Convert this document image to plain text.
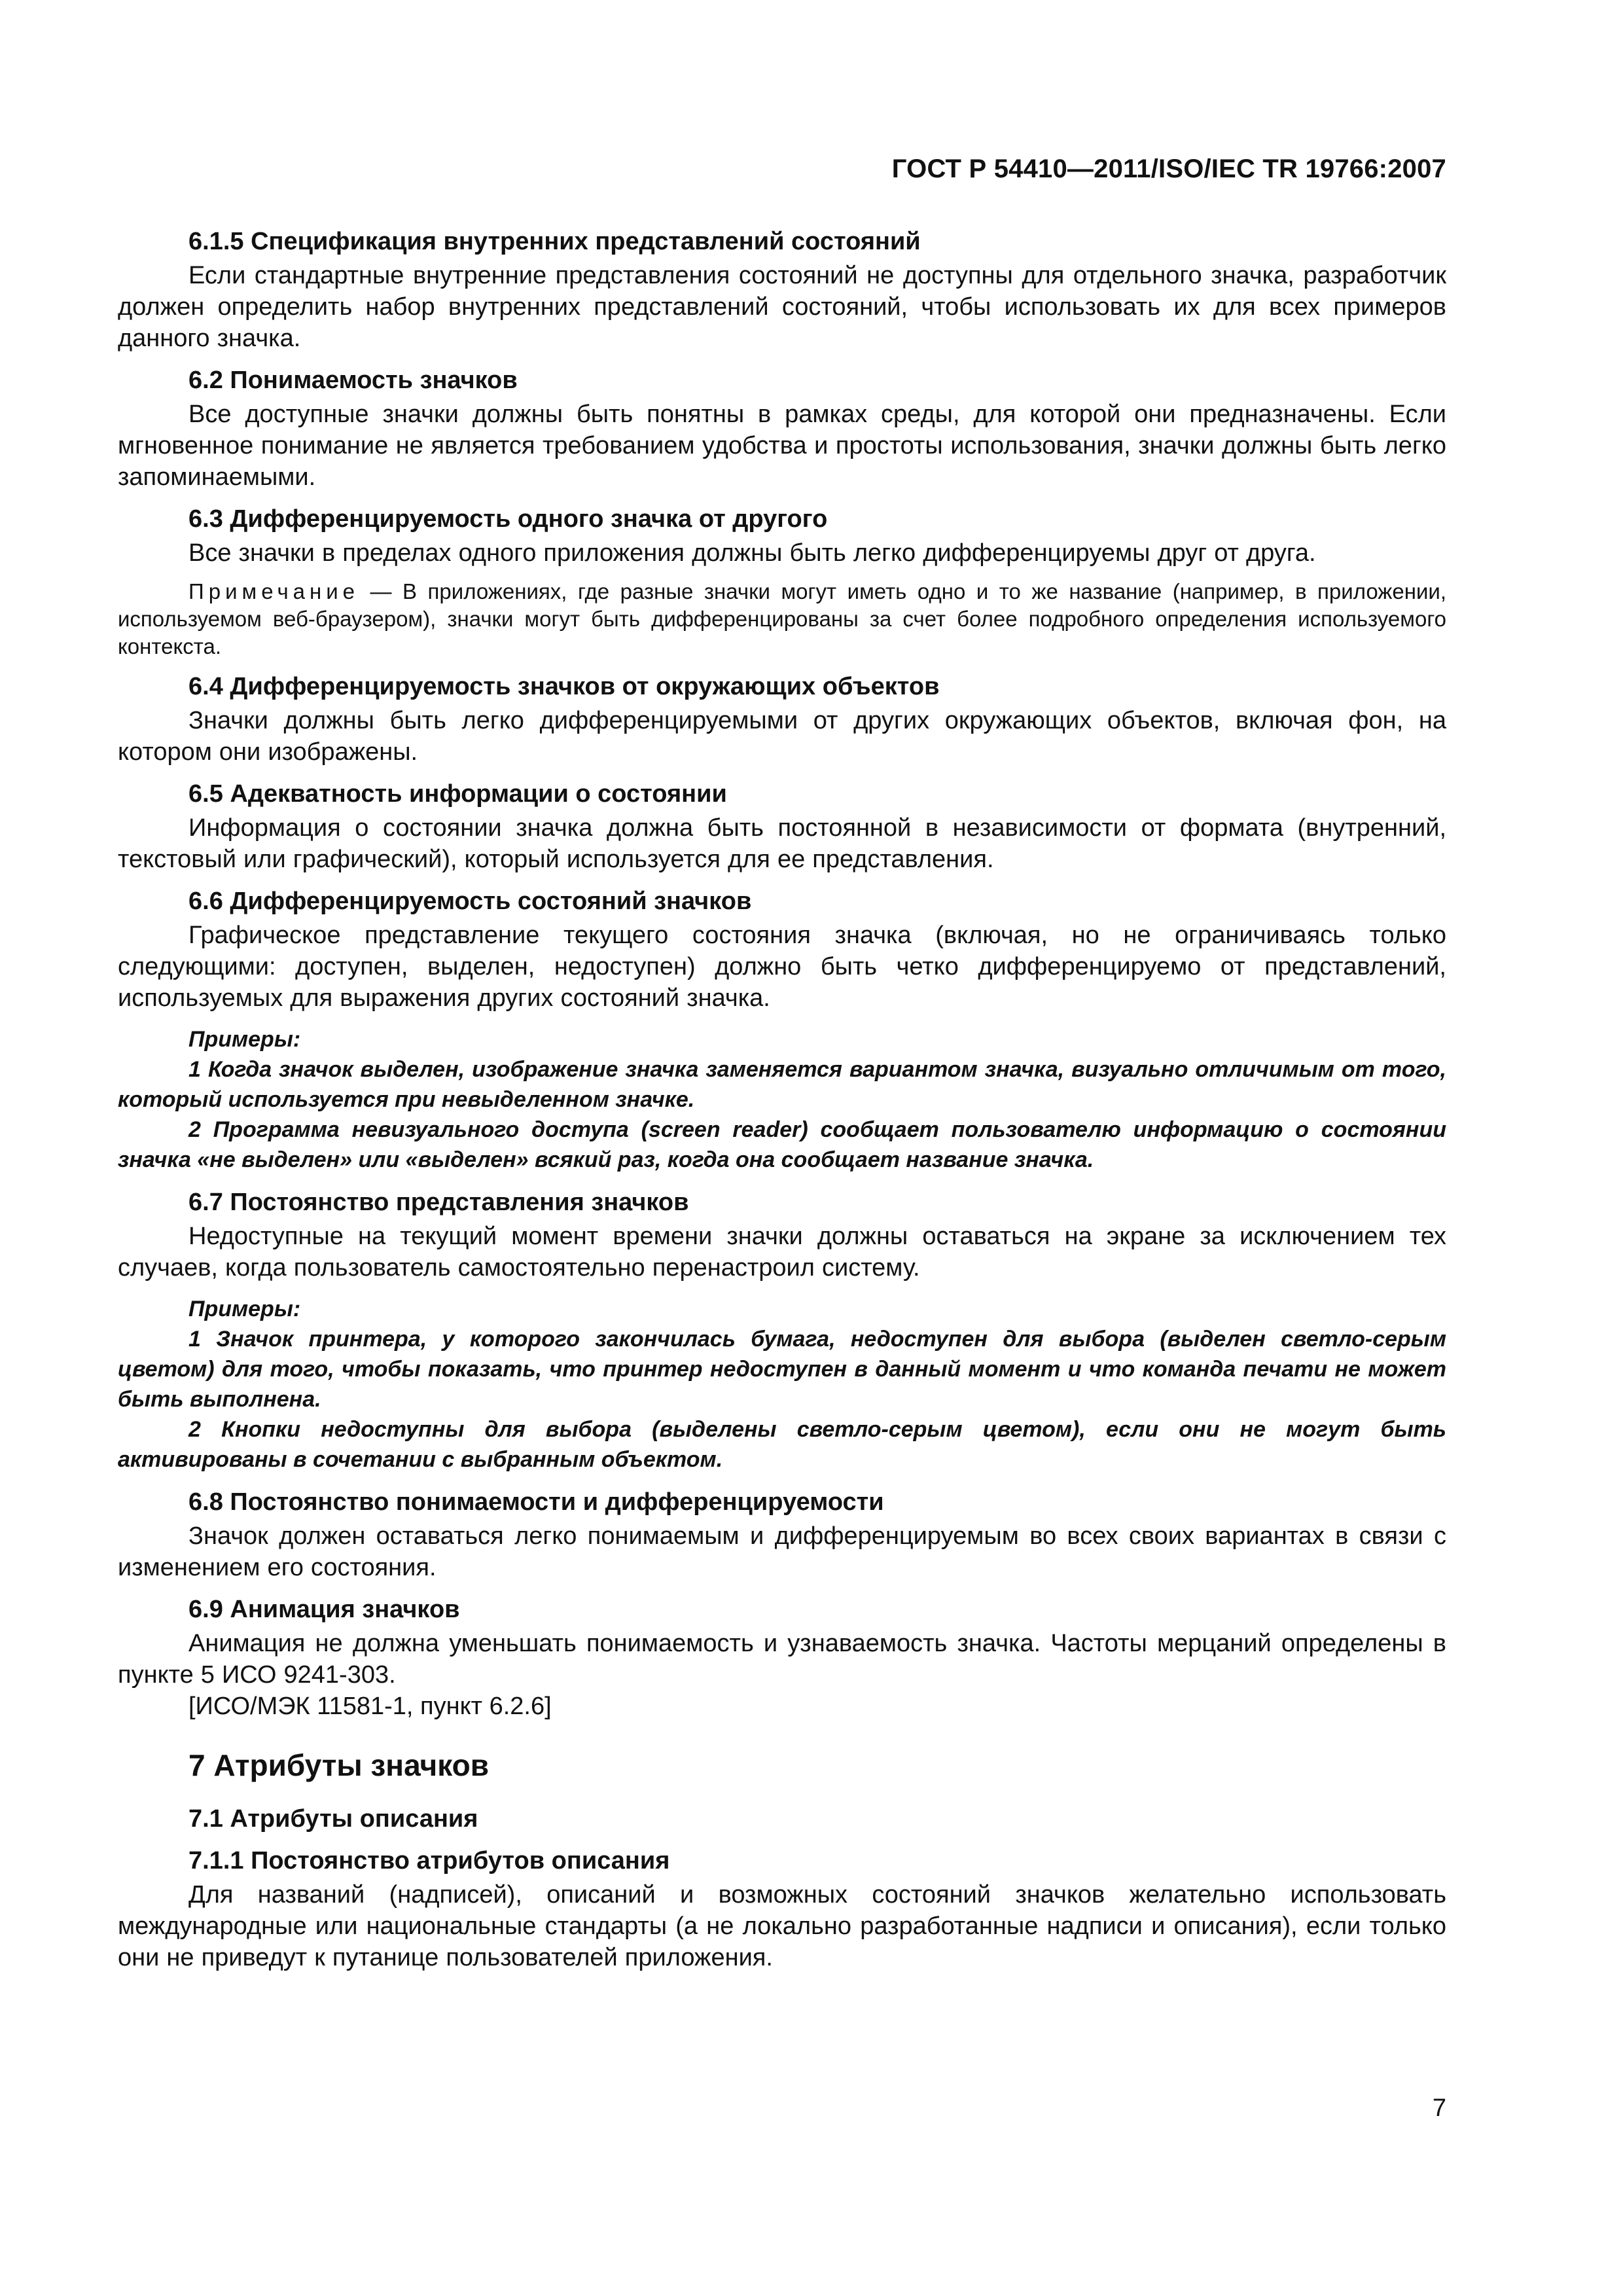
ГОСТ Р 54410—2011/ISO/IEC TR 19766:2007
6.1.5 Спецификация внутренних представлений состояний

Если стандартные внутренние представления состояний не доступны для отдельного значка, разработчик должен определить набор внутренних представлений состояний, чтобы использовать их для всех примеров данного значка.

6.2 Понимаемость значков

Все доступные значки должны быть понятны в рамках среды, для которой они предназначены. Если мгновенное понимание не является требованием удобства и простоты использования, значки должны быть легко запоминаемыми.

6.3 Дифференцируемость одного значка от другого

Все значки в пределах одного приложения должны быть легко дифференцируемы друг от друга.

Примечание — В приложениях, где разные значки могут иметь одно и то же название (например, в приложении, используемом веб-браузером), значки могут быть дифференцированы за счет более подробного определения используемого контекста.

6.4 Дифференцируемость значков от окружающих объектов

Значки должны быть легко дифференцируемыми от других окружающих объектов, включая фон, на котором они изображены.

6.5 Адекватность информации о состоянии

Информация о состоянии значка должна быть постоянной в независимости от формата (внутренний, текстовый или графический), который используется для ее представления.

6.6 Дифференцируемость состояний значков

Графическое представление текущего состояния значка (включая, но не ограничиваясь только следующими: доступен, выделен, недоступен) должно быть четко дифференцируемо от представлений, используемых для выражения других состояний значка.

Примеры:

1 Когда значок выделен, изображение значка заменяется вариантом значка, визуально отличимым от того, который используется при невыделенном значке.

2 Программа невизуального доступа (screen reader) сообщает пользователю информацию о состоянии значка «не выделен» или «выделен» всякий раз, когда она сообщает название значка.

6.7 Постоянство представления значков

Недоступные на текущий момент времени значки должны оставаться на экране за исключением тех случаев, когда пользователь самостоятельно перенастроил систему.

Примеры:

1 Значок принтера, у которого закончилась бумага, недоступен для выбора (выделен светло-серым цветом) для того, чтобы показать, что принтер недоступен в данный момент и что команда печати не может быть выполнена.

2 Кнопки недоступны для выбора (выделены светло-серым цветом), если они не могут быть активированы в сочетании с выбранным объектом.

6.8 Постоянство понимаемости и дифференцируемости

Значок должен оставаться легко понимаемым и дифференцируемым во всех своих вариантах в связи с изменением его состояния.

6.9 Анимация значков

Анимация не должна уменьшать понимаемость и узнаваемость значка. Частоты мерцаний определены в пункте 5 ИСО 9241-303.

[ИСО/МЭК 11581-1, пункт 6.2.6]

7 Атрибуты значков
7.1 Атрибуты описания
7.1.1 Постоянство атрибутов описания

Для названий (надписей), описаний и возможных состояний значков желательно использовать международные или национальные стандарты (а не локально разработанные надписи и описания), если только они не приведут к путанице пользователей приложения.

7
